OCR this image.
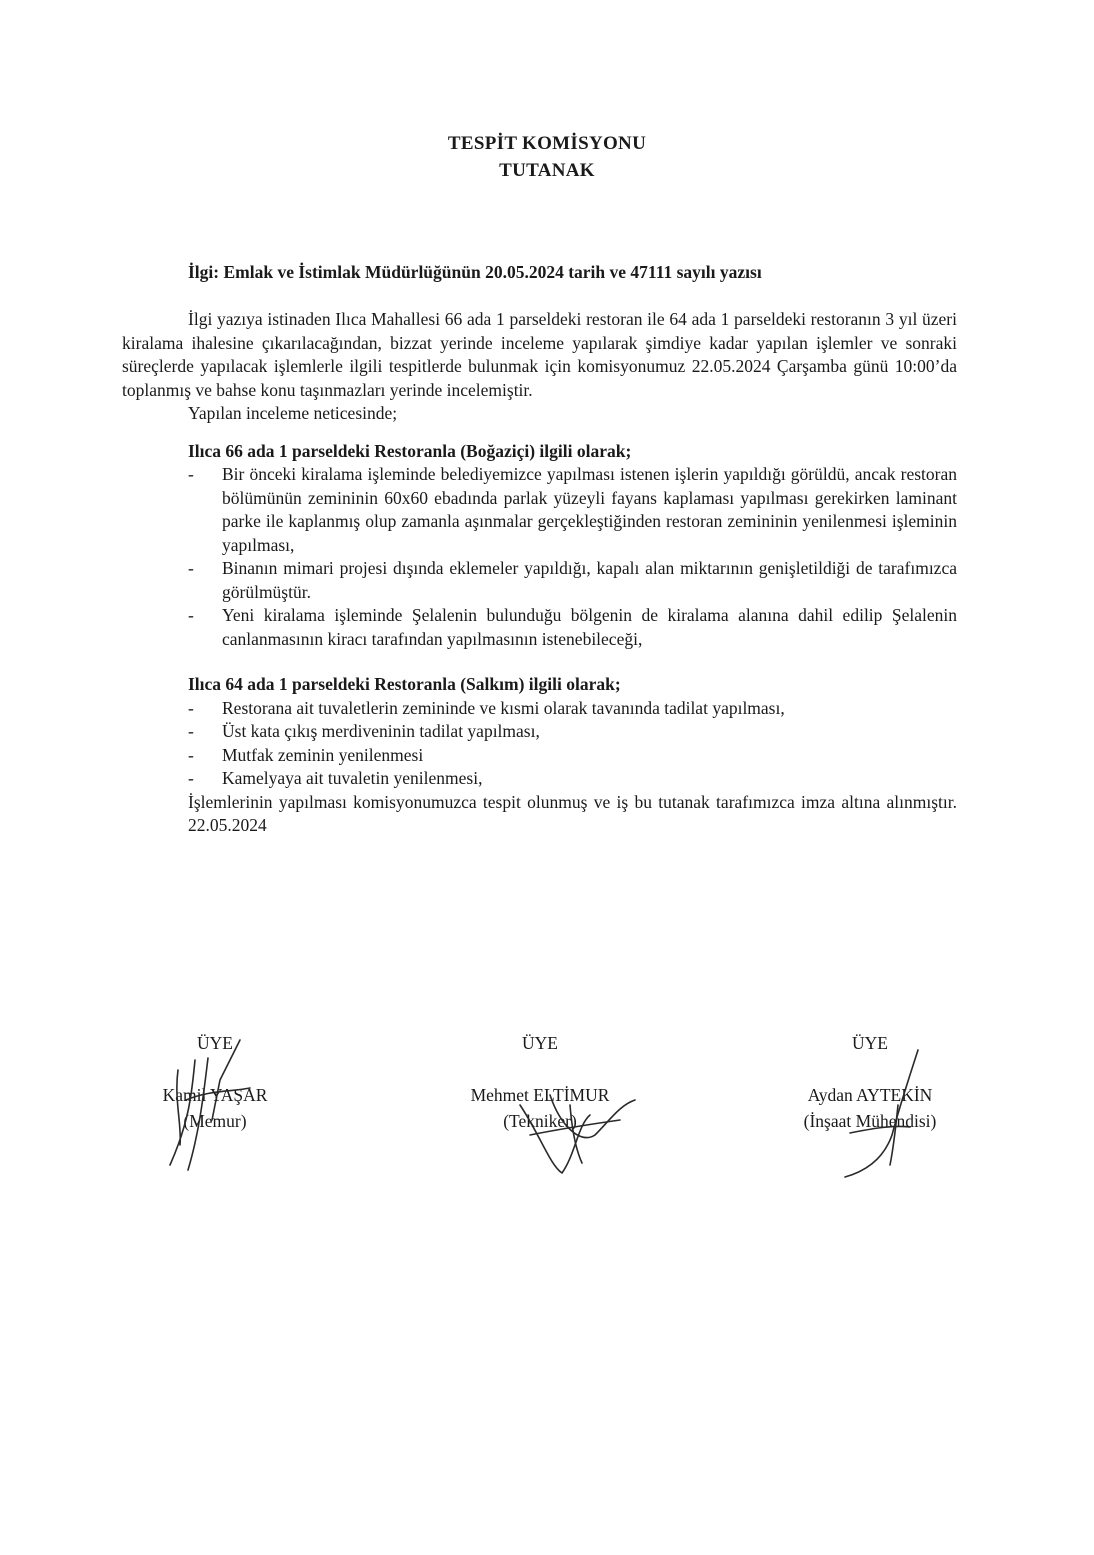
TESPİT KOMİSYONU
TUTANAK
İlgi: Emlak ve İstimlak Müdürlüğünün 20.05.2024 tarih ve 47111 sayılı yazısı

İlgi yazıya istinaden Ilıca Mahallesi 66 ada 1 parseldeki restoran ile 64 ada 1 parseldeki restoranın 3 yıl üzeri kiralama ihalesine çıkarılacağından, bizzat yerinde inceleme yapılarak şimdiye kadar yapılan işlemler ve sonraki süreçlerde yapılacak işlemlerle ilgili tespitlerde bulunmak için komisyonumuz 22.05.2024 Çarşamba günü 10:00’da toplanmış ve bahse konu taşınmazları yerinde incelemiştir.

Yapılan inceleme neticesinde;

Ilıca 66 ada 1 parseldeki Restoranla (Boğaziçi) ilgili olarak;
- Bir önceki kiralama işleminde belediyemizce yapılması istenen işlerin yapıldığı görüldü, ancak restoran bölümünün zemininin 60x60 ebadında parlak yüzeyli fayans kaplaması yapılması gerekirken laminant parke ile kaplanmış olup zamanla aşınmalar gerçekleştiğinden restoran zemininin yenilenmesi işleminin yapılması,
- Binanın mimari projesi dışında eklemeler yapıldığı, kapalı alan miktarının genişletildiği de tarafımızca görülmüştür.
- Yeni kiralama işleminde Şelalenin bulunduğu bölgenin de kiralama alanına dahil edilip Şelalenin canlanmasının kiracı tarafından yapılmasının istenebileceği,
Ilıca 64 ada 1 parseldeki Restoranla (Salkım) ilgili olarak;
- Restorana ait tuvaletlerin zemininde ve kısmi olarak tavanında tadilat yapılması,
- Üst kata çıkış merdiveninin tadilat yapılması,
- Mutfak zeminin yenilenmesi
- Kamelyaya ait tuvaletin yenilenmesi,

İşlemlerinin yapılması komisyonumuzca tespit olunmuş ve iş bu tutanak tarafımızca imza altına alınmıştır. 22.05.2024

ÜYE
Kamil YAŞAR
(Memur)
ÜYE
Mehmet ELTİMUR
(Tekniker)
ÜYE
Aydan AYTEKİN
(İnşaat Mühendisi)
